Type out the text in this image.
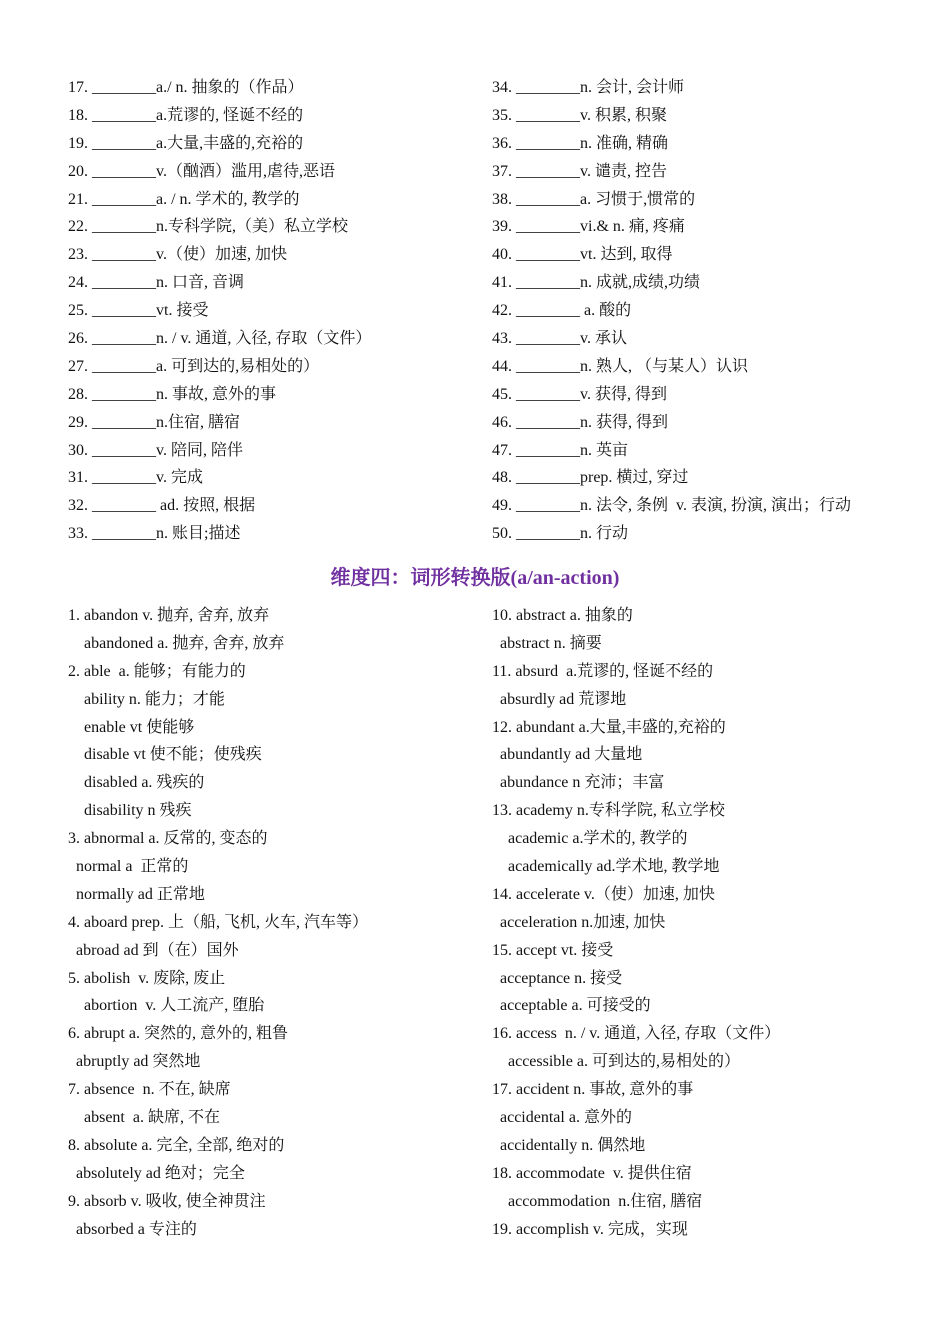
17. ________a./ n. 抽象的（作品）
18. ________a.荒谬的, 怪诞不经的
19. ________a.大量,丰盛的,充裕的
20. ________v.（酗酒）滥用,虐待,恶语
21. ________a. / n. 学术的, 教学的
22. ________n.专科学院,（美）私立学校
23. ________v.（使）加速, 加快
24. ________n. 口音, 音调
25. ________vt. 接受
26. ________n. / v. 通道, 入径, 存取（文件）
27. ________a. 可到达的,易相处的）
28. ________n. 事故, 意外的事
29. ________n.住宿, 膳宿
30. ________v. 陪同, 陪伴
31. ________v. 完成
32. ________ ad. 按照, 根据
33. ________n. 账目;描述
34. ________n. 会计, 会计师
35. ________v. 积累, 积聚
36. ________n. 准确, 精确
37. ________v. 谴责, 控告
38. ________a. 习惯于,惯常的
39. ________vi.& n. 痛, 疼痛
40. ________vt. 达到, 取得
41. ________n. 成就,成绩,功绩
42. ________ a. 酸的
43. ________v. 承认
44. ________n. 熟人, （与某人）认识
45. ________v. 获得, 得到
46. ________n. 获得, 得到
47. ________n. 英亩
48. ________prep. 横过, 穿过
49. ________n. 法令, 条例  v. 表演, 扮演, 演出；行动
50. ________n. 行动
维度四：词形转换版(a/an-action)
1. abandon v. 抛弃, 舍弃, 放弃
abandoned a. 抛弃, 舍弃, 放弃
2. able  a. 能够；有能力的
ability n. 能力；才能
enable vt 使能够
disable vt 使不能；使残疾
disabled a. 残疾的
disability n 残疾
3. abnormal a. 反常的, 变态的
normal a  正常的
normally ad 正常地
4. aboard prep. 上（船, 飞机, 火车, 汽车等）
abroad ad 到（在）国外
5. abolish  v. 废除, 废止
abortion  v. 人工流产, 堕胎
6. abrupt a. 突然的, 意外的, 粗鲁
abruptly ad 突然地
7. absence  n. 不在, 缺席
absent  a. 缺席, 不在
8. absolute a. 完全, 全部, 绝对的
absolutely ad 绝对；完全
9. absorb v. 吸收, 使全神贯注
absorbed a 专注的
10. abstract a. 抽象的
abstract n. 摘要
11. absurd  a.荒谬的, 怪诞不经的
absurdly ad 荒谬地
12. abundant a.大量,丰盛的,充裕的
abundantly ad 大量地
abundance n 充沛；丰富
13. academy n.专科学院, 私立学校
academic a.学术的, 教学的
academically ad.学术地, 教学地
14. accelerate v.（使）加速, 加快
acceleration n.加速, 加快
15. accept vt. 接受
acceptance n. 接受
acceptable a. 可接受的
16. access  n. / v. 通道, 入径, 存取（文件）
accessible a. 可到达的,易相处的）
17. accident n. 事故, 意外的事
accidental a. 意外的
accidentally n. 偶然地
18. accommodate  v. 提供住宿
accommodation  n.住宿, 膳宿
19. accomplish v. 完成，实现
